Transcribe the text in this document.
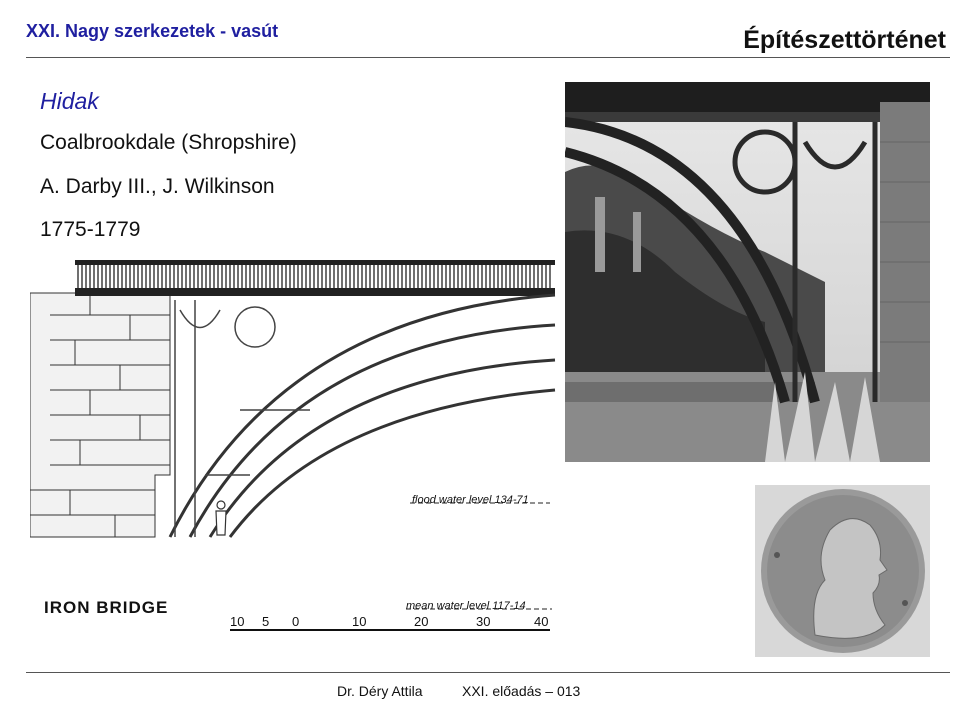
XXI. Nagy szerkezetek - vasút	Építészettörténet
flood water level 134-71
mean water level 117-14
IRON BRIDGE
10 5 0	10	20	30	40
Hidak
Coalbrookdale (Shropshire)
A. Darby III., J. Wilkinson
1775-1779
Dr. Déry Attila	XXI. előadás – 013
